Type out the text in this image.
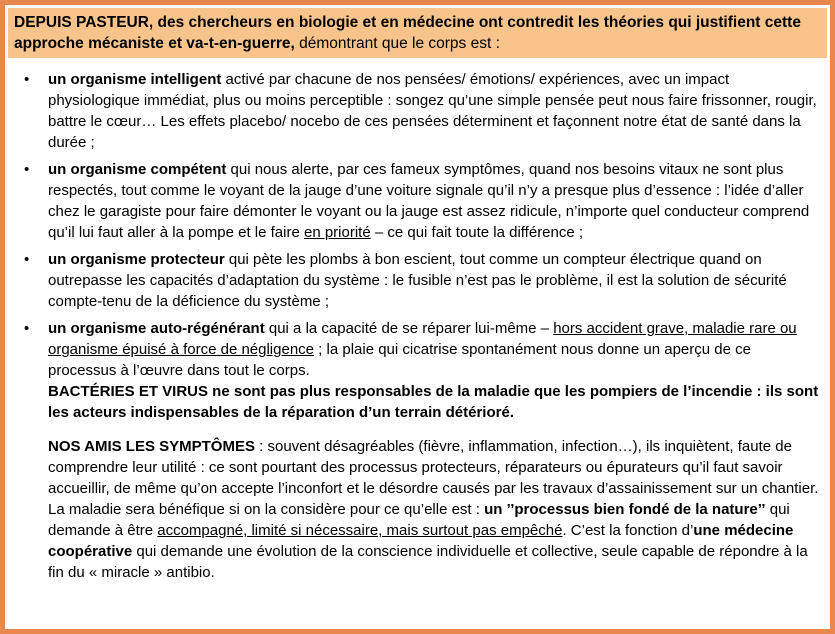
DEPUIS PASTEUR, des chercheurs en biologie et en médecine ont contredit les théories qui justifient cette approche mécaniste et va-t-en-guerre, démontrant que le corps est :
•	un organisme intelligent activé par chacune de nos pensées/ émotions/ expériences, avec un impact physiologique immédiat, plus ou moins perceptible : songez qu’une simple pensée peut nous faire frissonner, rougir, battre le cœur… Les effets placebo/ nocebo de ces pensées déterminent et façonnent notre état de santé dans la durée ;
•	un organisme compétent qui nous alerte, par ces fameux symptômes, quand nos besoins vitaux ne sont plus respectés, tout comme le voyant de la jauge d’une voiture signale qu’il n’y a presque plus d’essence : l’idée d’aller chez le garagiste pour faire démonter le voyant ou la jauge est assez ridicule, n’importe quel conducteur comprend qu’il lui faut aller à la pompe et le faire en priorité – ce qui fait toute la différence ;
•	un organisme protecteur qui pète les plombs à bon escient, tout comme un compteur électrique quand on outrepasse les capacités d’adaptation du système : le fusible n’est pas le problème, il est la solution de sécurité compte-tenu de la déficience du système ;
•	un organisme auto-régénérant qui a la capacité de se réparer lui-même – hors accident grave, maladie rare ou organisme épuisé à force de négligence ; la plaie qui cicatrise spontanément nous donne un aperçu de ce processus à l’œuvre dans tout le corps.
BACTÉRIES ET VIRUS ne sont pas plus responsables de la maladie que les pompiers de l’incendie : ils sont les acteurs indispensables de la réparation d’un terrain détérioré.
NOS AMIS LES SYMPTÔMES : souvent désagréables (fièvre, inflammation, infection…), ils inquiètent, faute de comprendre leur utilité : ce sont pourtant des processus protecteurs, réparateurs ou épurateurs qu’il faut savoir accueillir, de même qu’on accepte l’inconfort et le désordre causés par les travaux d’assainissement sur un chantier.
La maladie sera bénéfique si on la considère pour ce qu’elle est : un ’’processus bien fondé de la nature’’ qui demande à être accompagné, limité si nécessaire, mais surtout pas empêché. C’est la fonction d’une médecine coopérative qui demande une évolution de la conscience individuelle et collective, seule capable de répondre à la fin du « miracle » antibio.
